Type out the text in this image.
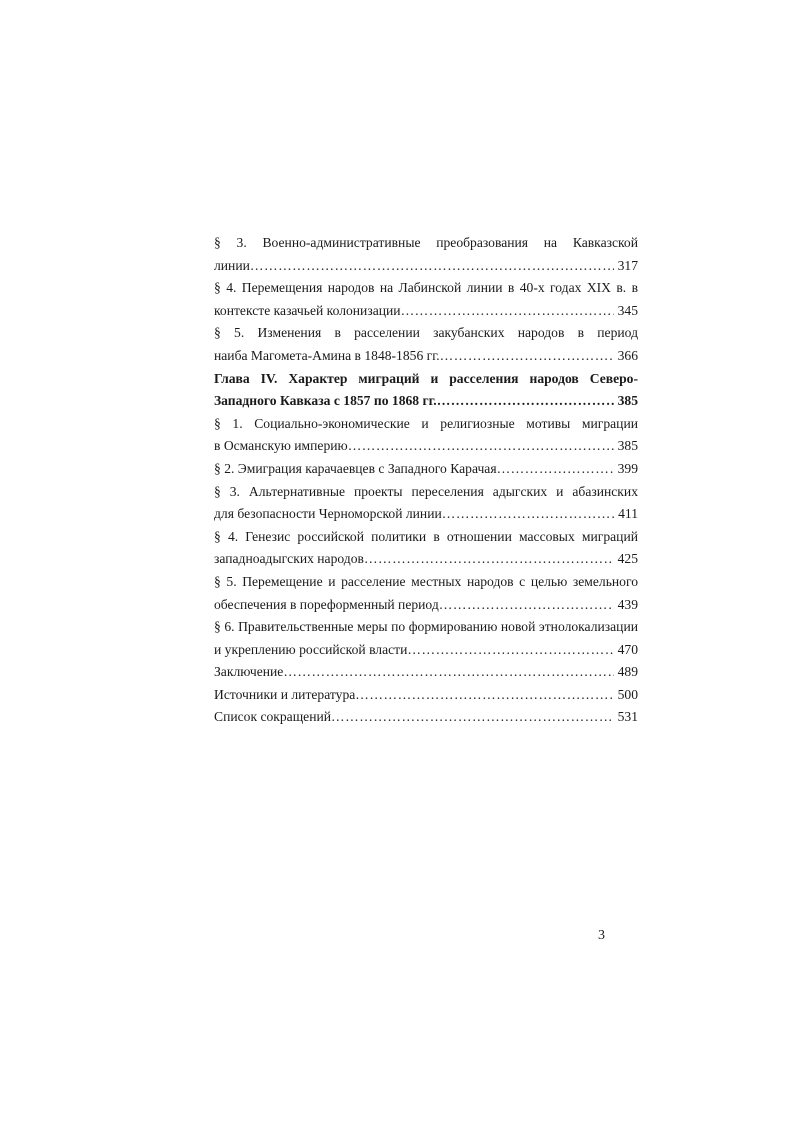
§ 3. Военно-административные преобразования на Кавказской
линии ……………………………………………………………………………………………………………………………………	317
§ 4. Перемещения народов на Лабинской линии в 40-х годах XIX в. в
контексте казачьей колонизации ……………………………………………………………………………………………………………………………………	345
§ 5. Изменения в расселении закубанских народов в период
наиба Магомета-Амина в 1848-1856 гг. ……………………………………………………………………………………………………………………………………	366
Глава IV. Характер миграций и расселения народов Северо-
Западного Кавказа с 1857 по 1868 гг. ……………………………………………………………………………………………………………………………………	385
§ 1. Социально-экономические и религиозные мотивы миграции
в Османскую империю ……………………………………………………………………………………………………………………………………	385
§ 2. Эмиграция карачаевцев с Западного Карачая ……………………………………………………………………………………………………………………………………	399
§ 3. Альтернативные проекты переселения адыгских и абазинских
для безопасности Черноморской линии ……………………………………………………………………………………………………………………………………	411
§ 4. Генезис российской политики в отношении массовых миграций
западноадыгских народов ……………………………………………………………………………………………………………………………………	425
§ 5. Перемещение и расселение местных народов с целью земельного
обеспечения в пореформенный период ……………………………………………………………………………………………………………………………………	439
§ 6. Правительственные меры по формированию новой этнолокализации
и укреплению российской власти ……………………………………………………………………………………………………………………………………	470
Заключение ……………………………………………………………………………………………………………………………………	489
Источники и литература ……………………………………………………………………………………………………………………………………	500
Список сокращений ……………………………………………………………………………………………………………………………………	531
3
